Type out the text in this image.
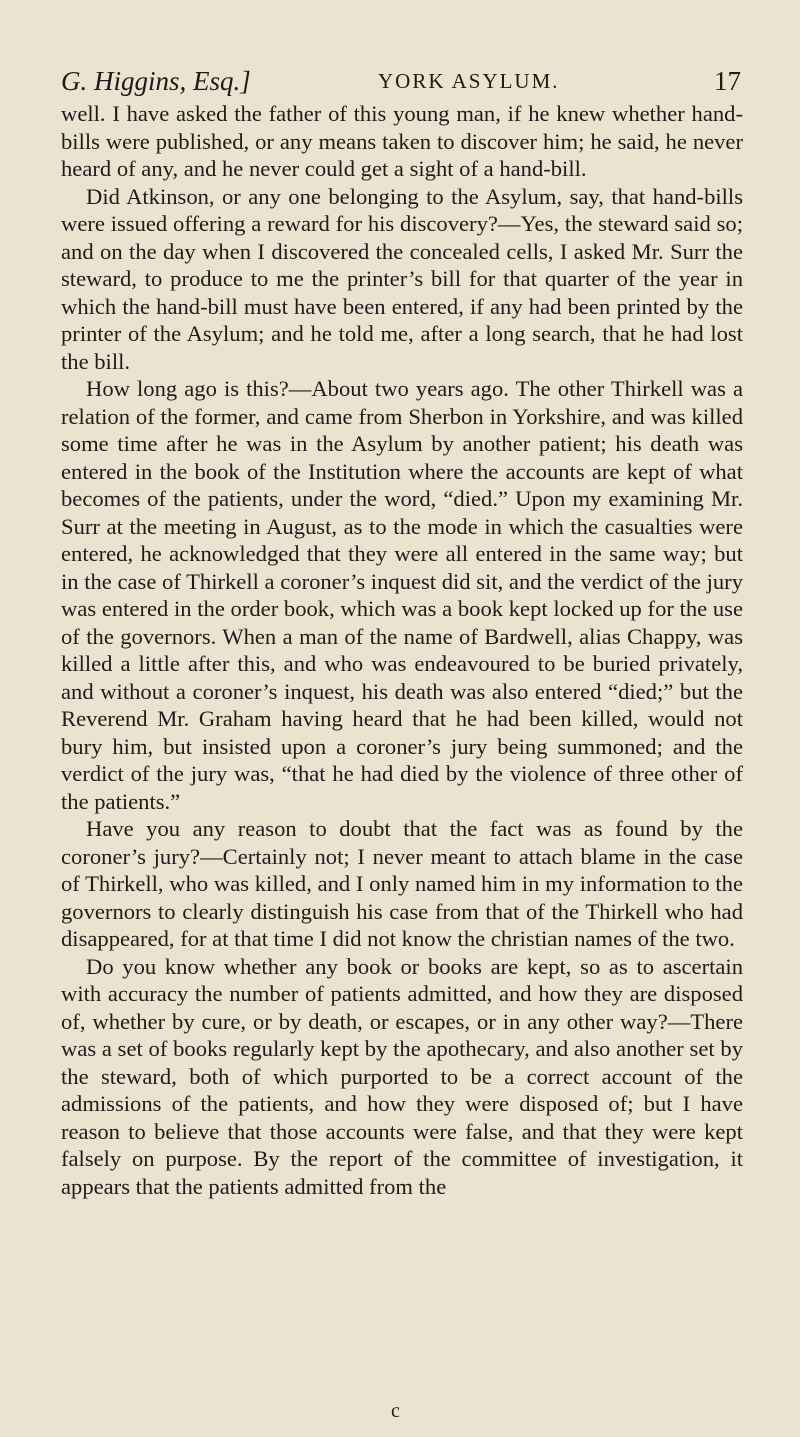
G. Higgins, Esq.]	YORK ASYLUM.	17

well. I have asked the father of this young man, if he knew whether hand-bills were published, or any means taken to discover him; he said, he never heard of any, and he never could get a sight of a hand-bill.

Did Atkinson, or any one belonging to the Asylum, say, that hand-bills were issued offering a reward for his discovery?—Yes, the steward said so; and on the day when I discovered the concealed cells, I asked Mr. Surr the steward, to produce to me the printer’s bill for that quarter of the year in which the hand-bill must have been entered, if any had been printed by the printer of the Asylum; and he told me, after a long search, that he had lost the bill.

How long ago is this?—About two years ago. The other Thirkell was a relation of the former, and came from Sherbon in Yorkshire, and was killed some time after he was in the Asylum by another patient; his death was entered in the book of the Institution where the accounts are kept of what becomes of the patients, under the word, “died.” Upon my examining Mr. Surr at the meeting in August, as to the mode in which the casualties were entered, he acknowledged that they were all entered in the same way; but in the case of Thirkell a coroner’s inquest did sit, and the verdict of the jury was entered in the order book, which was a book kept locked up for the use of the governors. When a man of the name of Bardwell, alias Chappy, was killed a little after this, and who was endeavoured to be buried privately, and without a coroner’s inquest, his death was also entered “died;” but the Reverend Mr. Graham having heard that he had been killed, would not bury him, but insisted upon a coroner’s jury being summoned; and the verdict of the jury was, “that he had died by the violence of three other of the patients.”

Have you any reason to doubt that the fact was as found by the coroner’s jury?—Certainly not; I never meant to attach blame in the case of Thirkell, who was killed, and I only named him in my information to the governors to clearly distinguish his case from that of the Thirkell who had disappeared, for at that time I did not know the christian names of the two.

Do you know whether any book or books are kept, so as to ascertain with accuracy the number of patients admitted, and how they are disposed of, whether by cure, or by death, or escapes, or in any other way?—There was a set of books regularly kept by the apothecary, and also another set by the steward, both of which purported to be a correct account of the admissions of the patients, and how they were disposed of; but I have reason to believe that those accounts were false, and that they were kept falsely on purpose. By the report of the committee of investigation, it appears that the patients admitted from the

c
